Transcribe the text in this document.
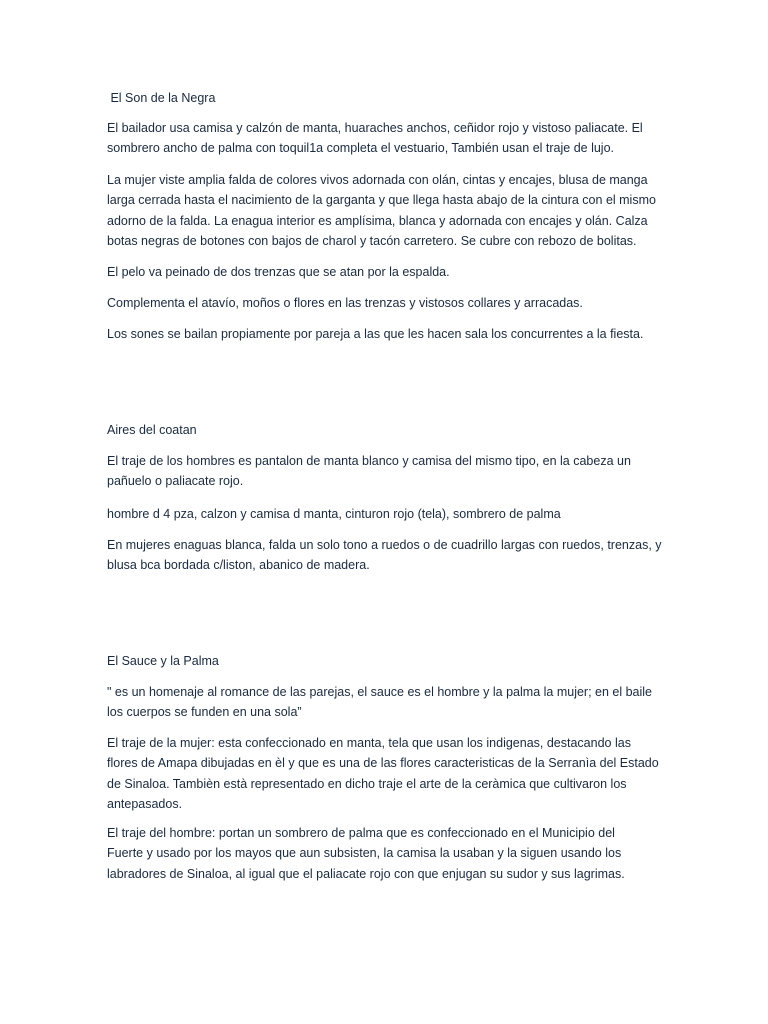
El Son de la Negra

El bailador usa camisa y calzón de manta, huaraches anchos, ceñidor rojo y vistoso paliacate. El
sombrero ancho de palma con toquil1a completa el vestuario, También usan el traje de lujo.

La mujer viste amplia falda de colores vivos adornada con olán, cintas y encajes, blusa de manga
larga cerrada hasta el nacimiento de la garganta y que llega hasta abajo de la cintura con el mismo
adorno de la falda. La enagua interior es amplísima, blanca y adornada con encajes y olán. Calza
botas negras de botones con bajos de charol y tacón carretero. Se cubre con rebozo de bolitas.

El pelo va peinado de dos trenzas que se atan por la espalda.

Complementa el atavío, moños o flores en las trenzas y vistosos collares y arracadas.

Los sones se bailan propiamente por pareja a las que les hacen sala los concurrentes a la fiesta.

Aires del coatan

El traje de los hombres es pantalon de manta blanco y camisa del mismo tipo, en la cabeza un
pañuelo o paliacate rojo.

hombre d 4 pza, calzon y camisa d manta, cinturon rojo (tela), sombrero de palma

En mujeres enaguas blanca, falda un solo tono a ruedos o de cuadrillo largas con ruedos, trenzas, y
blusa bca bordada c/liston, abanico de madera.

El Sauce y la Palma

" es un homenaje al romance de las parejas, el sauce es el hombre y la palma la mujer; en el baile
los cuerpos se funden en una sola”

El traje de la mujer: esta confeccionado en manta, tela que usan los indigenas, destacando las
flores de Amapa dibujadas en èl y que es una de las flores caracteristicas de la Serranìa del Estado
de Sinaloa. Tambièn està representado en dicho traje el arte de la ceràmica que cultivaron los
antepasados.

El traje del hombre: portan un sombrero de palma que es confeccionado en el Municipio del
Fuerte y usado por los mayos que aun subsisten, la camisa la usaban y la siguen usando los
labradores de Sinaloa, al igual que el paliacate rojo con que enjugan su sudor y sus lagrimas.
